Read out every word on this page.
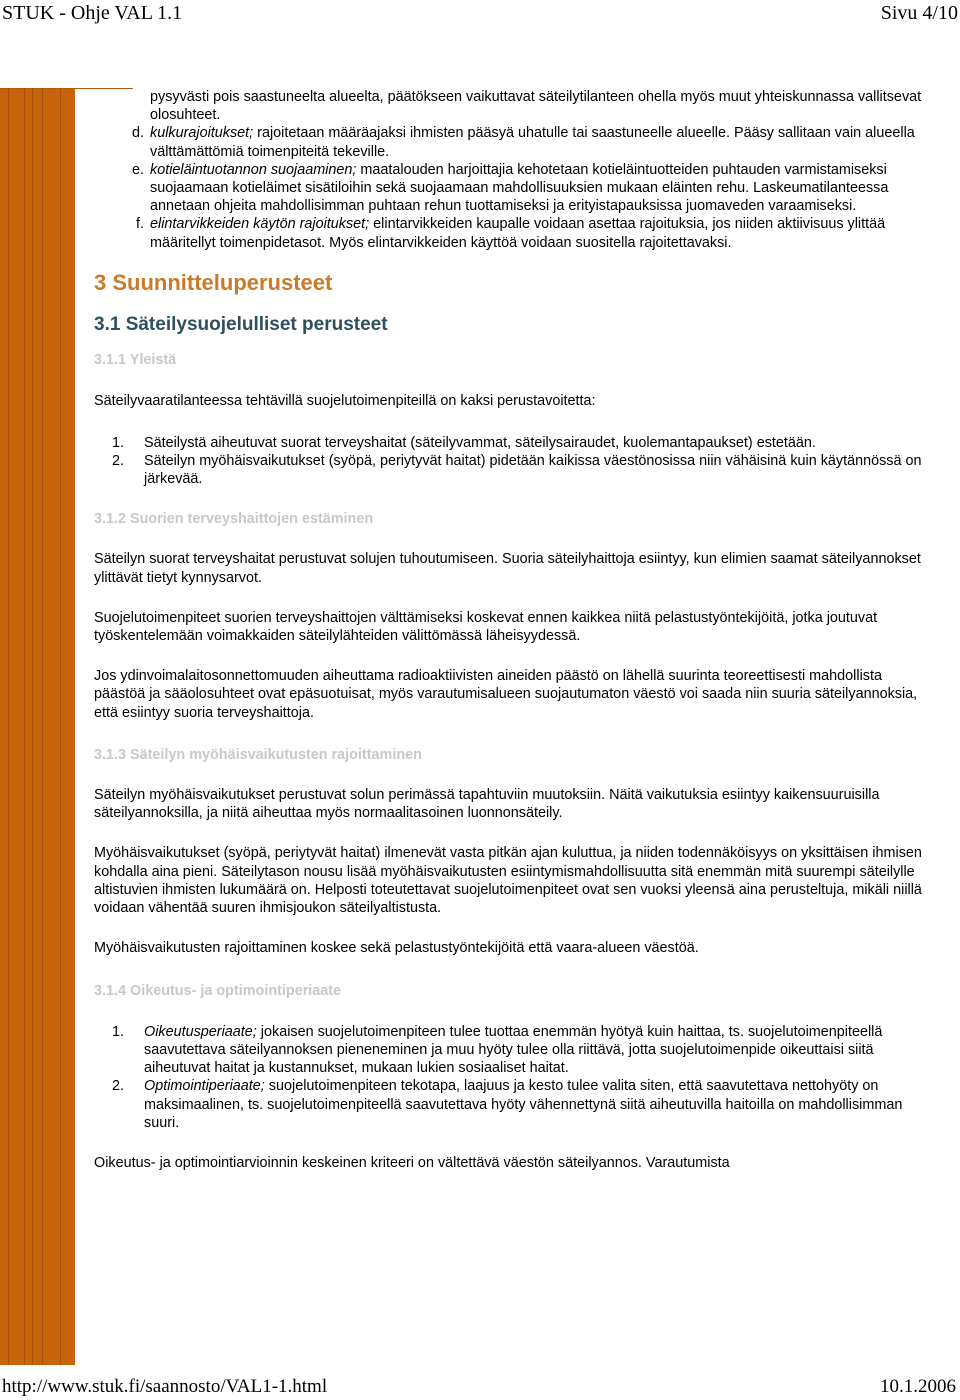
STUK - Ohje VAL 1.1	Sivu 4/10
pysyvästi pois saastuneelta alueelta, päätökseen vaikuttavat säteilytilanteen ohella myös muut yhteiskunnassa vallitsevat olosuhteet.
d. kulkurajoitukset; rajoitetaan määräajaksi ihmisten pääsyä uhatulle tai saastuneelle alueelle. Pääsy sallitaan vain alueella välttämättömiä toimenpiteitä tekeville.
e. kotieläintuotannon suojaaminen; maatalouden harjoittajia kehotetaan kotieläintuotteiden puhtauden varmistamiseksi suojaamaan kotieläimet sisätiloihin sekä suojaamaan mahdollisuuksien mukaan eläinten rehu. Laskeumatilanteessa annetaan ohjeita mahdollisimman puhtaan rehun tuottamiseksi ja erityistapauksissa juomaveden varaamiseksi.
f. elintarvikkeiden käytön rajoitukset; elintarvikkeiden kaupalle voidaan asettaa rajoituksia, jos niiden aktiivisuus ylittää määritellyt toimenpidetasot. Myös elintarvikkeiden käyttöä voidaan suositella rajoitettavaksi.
3 Suunnitteluperusteet
3.1 Säteilysuojelulliset perusteet
3.1.1 Yleistä

Säteilyvaaratilanteessa tehtävillä suojelutoimenpiteillä on kaksi perustavoitetta:

1.	Säteilystä aiheutuvat suorat terveyshaitat (säteilyvammat, säteilysairaudet, kuolemantapaukset) estetään.
2.	Säteilyn myöhäisvaikutukset (syöpä, periytyvät haitat) pidetään kaikissa väestönosissa niin vähäisinä kuin käytännössä on järkevää.
3.1.2 Suorien terveyshaittojen estäminen

Säteilyn suorat terveyshaitat perustuvat solujen tuhoutumiseen. Suoria säteilyhaittoja esiintyy, kun elimien saamat säteilyannokset ylittävät tietyt kynnysarvot.

Suojelutoimenpiteet suorien terveyshaittojen välttämiseksi koskevat ennen kaikkea niitä pelastustyöntekijöitä, jotka joutuvat työskentelemään voimakkaiden säteilylähteiden välittömässä läheisyydessä.

Jos ydinvoimalaitosonnettomuuden aiheuttama radioaktiivisten aineiden päästö on lähellä suurinta teoreettisesti mahdollista päästöä ja sääolosuhteet ovat epäsuotuisat, myös varautumisalueen suojautumaton väestö voi saada niin suuria säteilyannoksia, että esiintyy suoria terveyshaittoja.

3.1.3 Säteilyn myöhäisvaikutusten rajoittaminen

Säteilyn myöhäisvaikutukset perustuvat solun perimässä tapahtuviin muutoksiin. Näitä vaikutuksia esiintyy kaikensuuruisilla säteilyannoksilla, ja niitä aiheuttaa myös normaalitasoinen luonnonsäteily.

Myöhäisvaikutukset (syöpä, periytyvät haitat) ilmenevät vasta pitkän ajan kuluttua, ja niiden todennäköisyys on yksittäisen ihmisen kohdalla aina pieni. Säteilytason nousu lisää myöhäisvaikutusten esiintymismahdollisuutta sitä enemmän mitä suurempi säteilylle altistuvien ihmisten lukumäärä on. Helposti toteutettavat suojelutoimenpiteet ovat sen vuoksi yleensä aina perusteltuja, mikäli niillä voidaan vähentää suuren ihmisjoukon säteilyaltistusta.

Myöhäisvaikutusten rajoittaminen koskee sekä pelastustyöntekijöitä että vaara-alueen väestöä.

3.1.4 Oikeutus- ja optimointiperiaate
1.	Oikeutusperiaate; jokaisen suojelutoimenpiteen tulee tuottaa enemmän hyötyä kuin haittaa, ts. suojelutoimenpiteellä saavutettava säteilyannoksen pieneneminen ja muu hyöty tulee olla riittävä, jotta suojelutoimenpide oikeuttaisi siitä aiheutuvat haitat ja kustannukset, mukaan lukien sosiaaliset haitat.
2.	Optimointiperiaate; suojelutoimenpiteen tekotapa, laajuus ja kesto tulee valita siten, että saavutettava nettohyöty on maksimaalinen, ts. suojelutoimenpiteellä saavutettava hyöty vähennettynä siitä aiheutuvilla haitoilla on mahdollisimman suuri.

Oikeutus- ja optimointiarvioinnin keskeinen kriteeri on vältettävä väestön säteilyannos. Varautumista

http://www.stuk.fi/saannosto/VAL1-1.html	10.1.2006
